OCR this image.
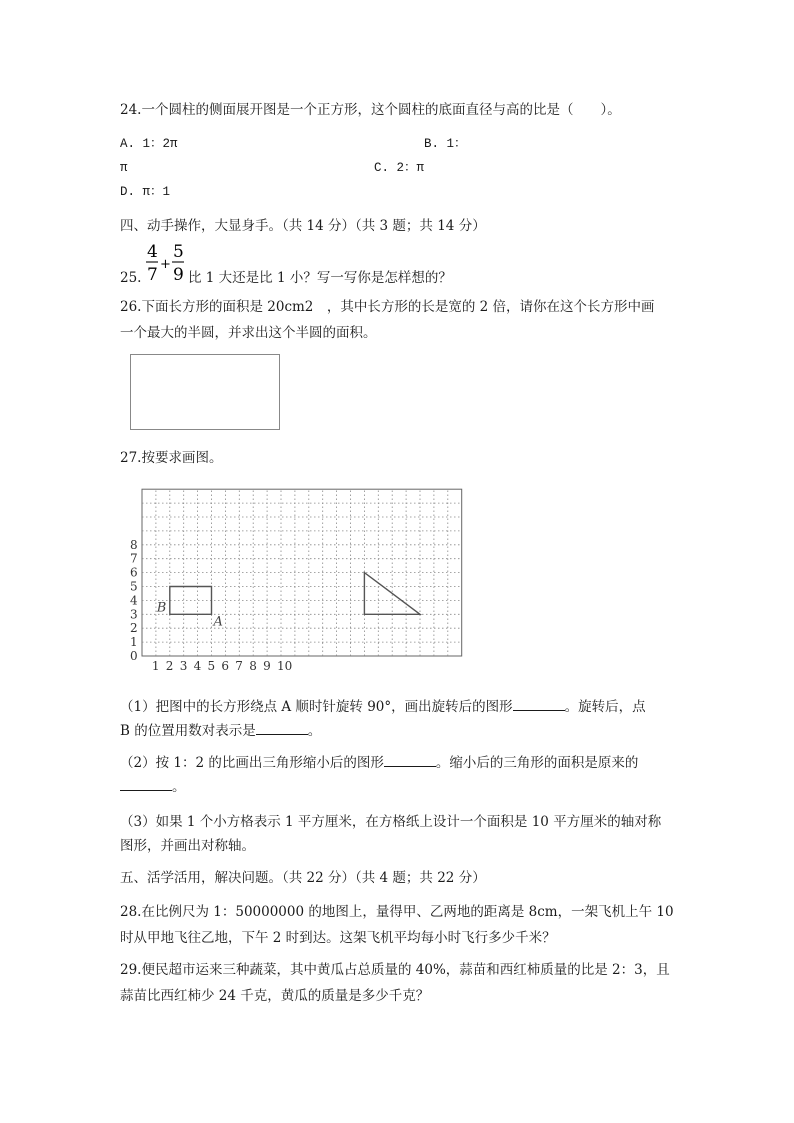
24.一个圆柱的侧面展开图是一个正方形，这个圆柱的底面直径与高的比是（　　）。
A. 1：2π	B. 1：
π	C. 2：π
D. π：1
四、动手操作，大显身手。（共 14 分）（共 3 题；共 14 分）
25.
4
7
+
5
9 比 1 大还是比 1 小？写一写你是怎样想的？
26.下面长方形的面积是 20cm2　，其中长方形的长是宽的 2 倍，请你在这个长方形中画
一个最大的半圆，并求出这个半圆的面积。
27.按要求画图。
0
1
2
3
4
5
6
7
8
1 2 3 4 5 6 7 8 9 10
B
A
（1）把图中的长方形绕点 A 顺时针旋转 90°，画出旋转后的图形	。旋转后，点
B 的位置用数对表示是	。
（2）按 1：2 的比画出三角形缩小后的图形	。缩小后的三角形的面积是原来的
。
（3）如果 1 个小方格表示 1 平方厘米，在方格纸上设计一个面积是 10 平方厘米的轴对称
图形，并画出对称轴。
五、活学活用，解决问题。（共 22 分）（共 4 题；共 22 分）
28.在比例尺为 1：50000000 的地图上，量得甲、乙两地的距离是 8cm，一架飞机上午 10
时从甲地飞往乙地，下午 2 时到达。这架飞机平均每小时飞行多少千米？
29.便民超市运来三种蔬菜，其中黄瓜占总质量的 40%，蒜苗和西红柿质量的比是 2：3，且
蒜苗比西红柿少 24 千克，黄瓜的质量是多少千克？
